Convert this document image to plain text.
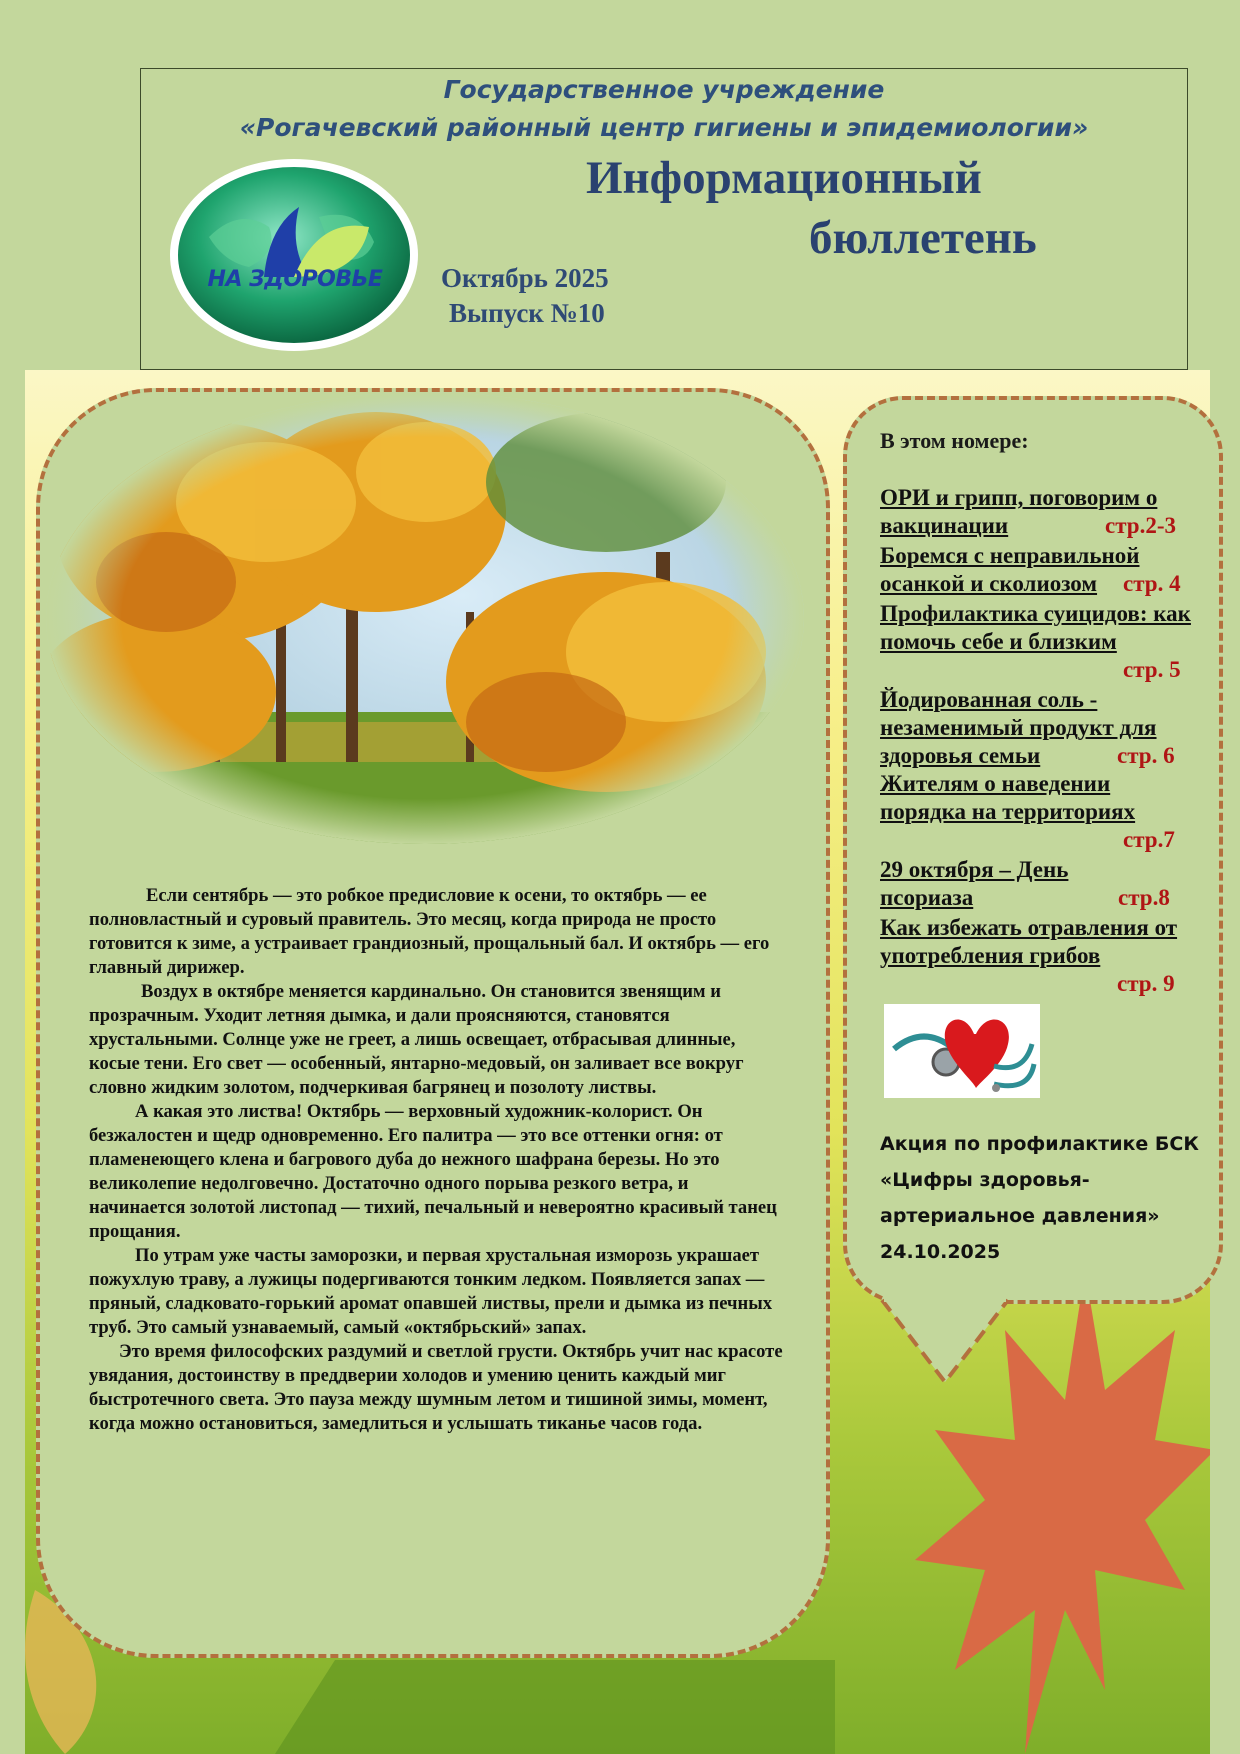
Государственное учреждение
«Рогачевский районный центр гигиены и эпидемиологии»
НА ЗДОРОВЬЕ
Информационный
бюллетень
Октябрь 2025
Выпуск №10

Если сентябрь — это робкое предисловие к осени, то октябрь — ее полновластный и суровый правитель. Это месяц, когда природа не просто готовится к зиме, а устраивает грандиозный, прощальный бал. И октябрь — его главный дирижер.

Воздух в октябре меняется кардинально. Он становится звенящим и прозрачным. Уходит летняя дымка, и дали проясняются, становятся хрустальными. Солнце уже не греет, а лишь освещает, отбрасывая длинные, косые тени. Его свет — особенный, янтарно-медовый, он заливает все вокруг словно жидким золотом, подчеркивая багрянец и позолоту листвы.

А какая это листва! Октябрь — верховный художник-колорист. Он безжалостен и щедр одновременно. Его палитра — это все оттенки огня: от пламенеющего клена и багрового дуба до нежного шафрана березы. Но это великолепие недолговечно. Достаточно одного порыва резкого ветра, и начинается золотой листопад — тихий, печальный и невероятно красивый танец прощания.

По утрам уже часты заморозки, и первая хрустальная изморозь украшает пожухлую траву, а лужицы подергиваются тонким ледком. Появляется запах — пряный, сладковато-горький аромат опавшей листвы, прели и дымка из печных труб. Это самый узнаваемый, самый «октябрьский» запах.

Это время философских раздумий и светлой грусти. Октябрь учит нас красоте увядания, достоинству в преддверии холодов и умению ценить каждый миг быстротечного света. Это пауза между шумным летом и тишиной зимы, момент, когда можно остановиться, замедлиться и услышать тиканье часов года.

В этом номере:
ОРИ и грипп, поговорим о вакцинации	стр.2-3
Боремся с неправильной осанкой и сколиозом стр. 4
Профилактика суицидов: как помочь себе и близким
стр. 5
Йодированная соль - незаменимый продукт для здоровья семьи	стр. 6
Жителям о наведении порядка на территориях
стр.7
29 октября – День псориаза	стр.8
Как избежать отравления от употребления грибов
стр. 9
Акция по профилактике БСК
«Цифры здоровья-
артериальное давления»
24.10.2025
